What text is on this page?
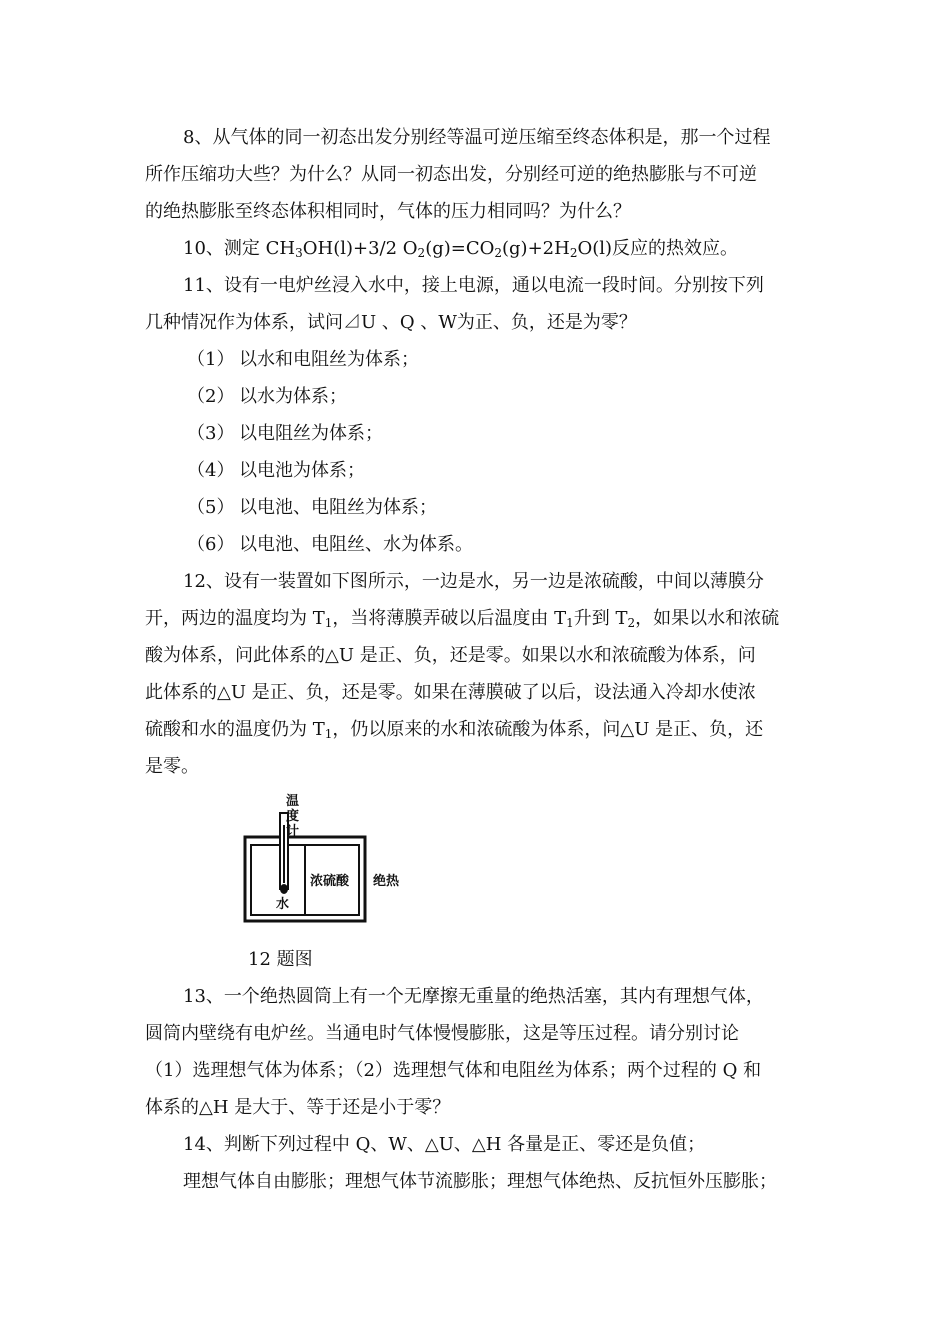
8、从气体的同一初态出发分别经等温可逆压缩至终态体积是，那一个过程
所作压缩功大些？为什么？从同一初态出发，分别经可逆的绝热膨胀与不可逆
的绝热膨胀至终态体积相同时，气体的压力相同吗？为什么？
10、测定 $CH_3OH(l)+3/2$ $O_2(g)=CO_2(g)+2H_2O(l)$反应的热效应。
11、设有一电炉丝浸入水中，接上电源，通以电流一段时间。分别按下列
几种情况作为体系，试问⊿U 、Q 、W为正、负，还是为零？
（1） 以水和电阻丝为体系；
（2） 以水为体系；
（3） 以电阻丝为体系；
（4） 以电池为体系；
（5） 以电池、电阻丝为体系；
（6） 以电池、电阻丝、水为体系。
12、设有一装置如下图所示，一边是水，另一边是浓硫酸，中间以薄膜分
开，两边的温度均为 $T_1$，当将薄膜弄破以后温度由 $T_1$升到 $T_2$，如果以水和浓硫
酸为体系，问此体系的△U 是正、负，还是零。如果以水和浓硫酸为体系，问
此体系的△U 是正、负，还是零。如果在薄膜破了以后，设法通入冷却水使浓
硫酸和水的温度仍为 $T_1$，仍以原来的水和浓硫酸为体系，问△U 是正、负，还
是零。
温
度
计
水
浓硫酸 绝热
12 题图
13、一个绝热圆筒上有一个无摩擦无重量的绝热活塞，其内有理想气体，
圆筒内壁绕有电炉丝。当通电时气体慢慢膨胀，这是等压过程。请分别讨论
（1）选理想气体为体系；（2）选理想气体和电阻丝为体系；两个过程的 Q 和
体系的△H 是大于、等于还是小于零？
14、判断下列过程中 Q、W、△U、△H 各量是正、零还是负值；
理想气体自由膨胀；理想气体节流膨胀；理想气体绝热、反抗恒外压膨胀；
